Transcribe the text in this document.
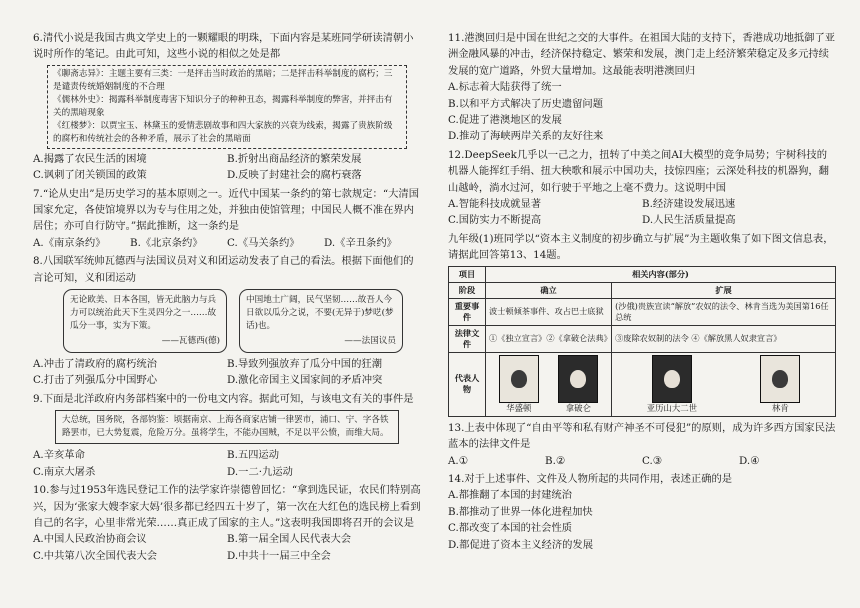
6.清代小说是我国古典文学史上的一颗耀眼的明珠，下面内容是某班同学研读清朝小说时所作的笔记。由此可知，这些小说的相似之处是都

《聊斋志异》：主题主要有三类：一是抨击当时政治的黑暗；二是抨击科举制度的腐朽；三是谴责传统婚姻制度的不合理

《儒林外史》：揭露科举制度毒害下知识分子的种种丑态，揭露科举制度的弊害，并抨击有关的黑暗现象

《红楼梦》：以贾宝玉、林黛玉的爱情悲剧故事和四大家族的兴衰为线索，揭露了贵族阶级的腐朽和传统社会的各种矛盾，展示了社会的黑暗面

A.揭露了农民生活的困境	B.折射出商品经济的繁荣发展
C.讽刺了闭关锁国的政策	D.反映了封建社会的腐朽衰落

7.“论从史出”是历史学习的基本原则之一。近代中国某一条约的第七款规定：“大清国国家允定，各使馆境界以为专与住用之处，并独由使馆管理；中国民人概不准在界内居住；亦可自行防守。”据此推断，这一条约是

A.《南京条约》	B.《北京条约》	C.《马关条约》	D.《辛丑条约》

8.八国联军统帅瓦德西与法国议员对义和团运动发表了自己的看法。根据下面他们的言论可知，义和团运动

无论欧美、日本各国，皆无此脑力与兵力可以统治此天下生灵四分之一……故瓜分一事，实为下策。
——瓦德西(德)
中国地土广阔，民气坚韧……故吾人今日欲以瓜分之说，不要(无异于)梦呓(梦话)也。
——法国议员
A.冲击了清政府的腐朽统治	B.导致列强放弃了瓜分中国的狂潮
C.打击了列强瓜分中国野心	D.激化帝国主义国家间的矛盾冲突

9.下面是北洋政府内务部档案中的一份电文内容。据此可知，与该电文有关的事件是

大总统，国务院，各部钧鉴：顷据南京、上海各商家店铺一律罢市，浦口、宁、字各铁路罢市，已大势复震，危险万分。虽将学生，不能办国贼，不足以平公愤，而维大局。
A.辛亥革命	B.五四运动
C.南京大屠杀	D.一二·九运动

10.参与过1953年选民登记工作的法学家许崇德曾回忆：“拿到选民证，农民们特别高兴，因为‘张家大嫂李家大妈’很多都已经四五十岁了，第一次在大红色的选民榜上看到自己的名字，心里非常光荣……真正成了国家的主人。”这表明我国即将召开的会议是

A.中国人民政治协商会议	B.第一届全国人民代表大会
C.中共第八次全国代表大会	D.中共十一届三中全会

11.港澳回归是中国在世纪之交的大事件。在祖国大陆的支持下，香港成功地抵御了亚洲金融风暴的冲击，经济保持稳定、繁荣和发展，澳门走上经济繁荣稳定及多元持续发展的宽广道路，外贸大量增加。这最能表明港澳回归

A.标志着大陆获得了统一

B.以和平方式解决了历史遗留问题

C.促进了港澳地区的发展

D.推动了海峡两岸关系的友好往来

12.DeepSeek几乎以一己之力，扭转了中美之间AI大模型的竞争局势；宇树科技的机器人能挥红手绢、扭大秧歌和展示中国功夫，技惊四座；云深处科技的机器狗，翻山越岭，淌水过河，如行驶于平地之上毫不费力。这说明中国

A.智能科技成就显著	B.经济建设发展迅速
C.国防实力不断提高	D.人民生活质量提高

九年级(1)班同学以“资本主义制度的初步确立与扩展”为主题收集了如下图文信息表，请据此回答第13、14题。

项目	相关内容(部分)	
阶段	确立	扩展
重要事件	波士顿倾茶事件、攻占巴士底狱	(沙俄)贵族宣读“解放”农奴的法令、林肯当选为美国第16任总统
法律文件	①《独立宣言》②《拿破仑法典》	③废除农奴制的法令 ④《解放黑人奴隶宣言》
代表人物	华盛顿 拿破仑	亚历山大二世 林肯

13.上表中体现了“自由平等和私有财产神圣不可侵犯”的原则，成为许多西方国家民法蓝本的法律文件是

A.①	B.②	C.③	D.④

14.对于上述事件、文件及人物所起的共同作用，表述正确的是

A.都推翻了本国的封建统治

B.都推动了世界一体化进程加快

C.都改变了本国的社会性质

D.都促进了资本主义经济的发展
